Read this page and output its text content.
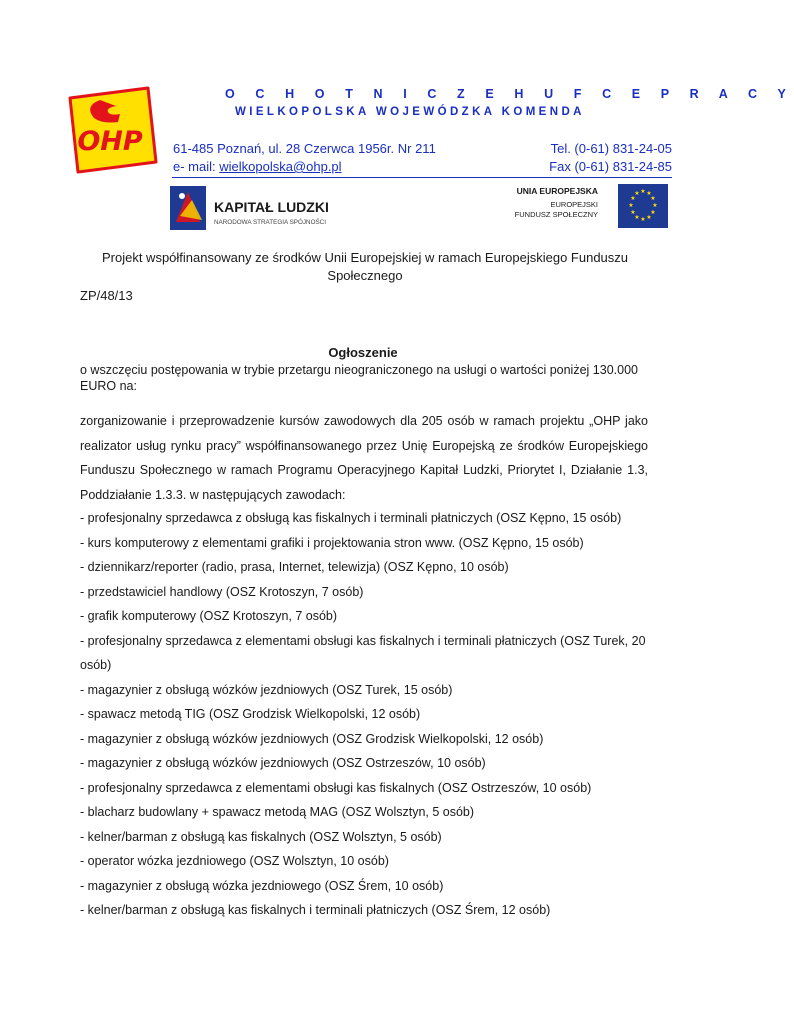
OHP
O C H O T N I C Z E H U F C E P R A C Y
WIELKOPOLSKA WOJEWÓDZKA KOMENDA
61-485 Poznań, ul. 28 Czerwca 1956r. Nr 211	Tel. (0-61) 831-24-05
e- mail: wielkopolska@ohp.pl	Fax (0-61) 831-24-85
KAPITAŁ LUDZKI
NARODOWA STRATEGIA SPÓJNOŚCI
UNIA EUROPEJSKA
EUROPEJSKI
FUNDUSZ SPOŁECZNY
★ ★
★
★
★
★
★
★
★
★
★
★
Projekt współfinansowany ze środków Unii Europejskiej w ramach Europejskiego Funduszu Społecznego
ZP/48/13
Ogłoszenie
o wszczęciu postępowania w trybie przetargu nieograniczonego na usługi o wartości poniżej 130.000 EURO na:
zorganizowanie i przeprowadzenie kursów zawodowych dla 205 osób w ramach projektu „OHP jako realizator usług rynku pracy” współfinansowanego przez Unię Europejską ze środków Europejskiego Funduszu Społecznego w ramach Programu Operacyjnego Kapitał Ludzki, Priorytet I, Działanie 1.3, Poddziałanie 1.3.3. w następujących zawodach:
- profesjonalny sprzedawca z obsługą kas fiskalnych i terminali płatniczych (OSZ Kępno, 15 osób)
- kurs komputerowy z elementami grafiki i projektowania stron www. (OSZ Kępno, 15 osób)
- dziennikarz/reporter (radio, prasa, Internet, telewizja) (OSZ Kępno, 10 osób)
- przedstawiciel handlowy (OSZ Krotoszyn, 7 osób)
- grafik komputerowy (OSZ Krotoszyn, 7 osób)
- profesjonalny sprzedawca z elementami obsługi kas fiskalnych i terminali płatniczych (OSZ Turek, 20 osób)
- magazynier z obsługą wózków jezdniowych (OSZ Turek, 15 osób)
- spawacz metodą TIG (OSZ Grodzisk Wielkopolski, 12 osób)
- magazynier z obsługą wózków jezdniowych (OSZ Grodzisk Wielkopolski, 12 osób)
- magazynier z obsługą wózków jezdniowych (OSZ Ostrzeszów, 10 osób)
- profesjonalny sprzedawca z elementami obsługi kas fiskalnych (OSZ Ostrzeszów, 10 osób)
- blacharz budowlany + spawacz metodą MAG (OSZ Wolsztyn, 5 osób)
- kelner/barman z obsługą kas fiskalnych (OSZ Wolsztyn, 5 osób)
- operator wózka jezdniowego (OSZ Wolsztyn, 10 osób)
- magazynier z obsługą wózka jezdniowego (OSZ Śrem, 10 osób)
- kelner/barman z obsługą kas fiskalnych i terminali płatniczych (OSZ Śrem, 12 osób)
